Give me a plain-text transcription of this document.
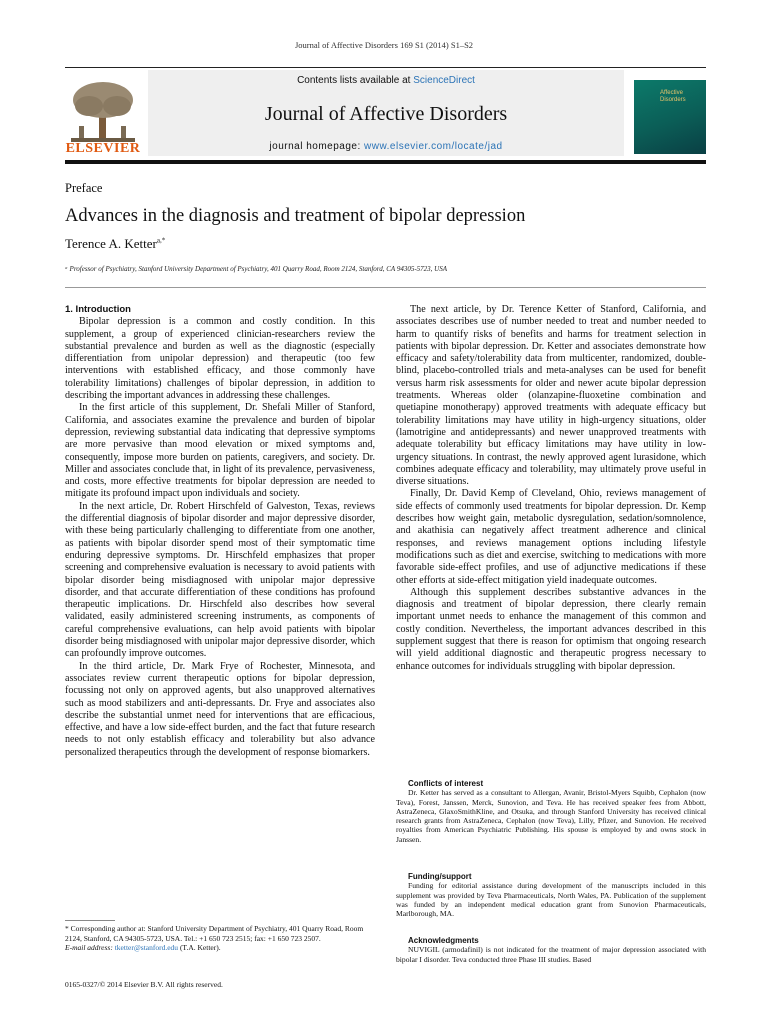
Journal of Affective Disorders 169 S1 (2014) S1–S2
ELSEVIER
Contents lists available at ScienceDirect
Journal of Affective Disorders
journal homepage: www.elsevier.com/locate/jad
Affective
Disorders
Preface
Advances in the diagnosis and treatment of bipolar depression
Terence A. Ketter$^{a,*}$
ᵃ Professor of Psychiatry, Stanford University Department of Psychiatry, 401 Quarry Road, Room 2124, Stanford, CA 94305-5723, USA

1. Introduction

Bipolar depression is a common and costly condition. In this supplement, a group of experienced clinician-researchers review the substantial prevalence and burden as well as the diagnostic (especially differentiation from unipolar depression) and therapeutic (too few interventions with established efficacy, and those commonly have tolerability limitations) challenges of bipolar depression, in addition to describing the important advances in addressing these challenges.

In the first article of this supplement, Dr. Shefali Miller of Stanford, California, and associates examine the prevalence and burden of bipolar depression, reviewing substantial data indicating that depressive symptoms are more pervasive than mood elevation or mixed symptoms and, consequently, impose more burden on patients, caregivers, and society. Dr. Miller and associates conclude that, in light of its prevalence, pervasiveness, and costs, more effective treatments for bipolar depression are needed to mitigate its profound impact upon individuals and society.

In the next article, Dr. Robert Hirschfeld of Galveston, Texas, reviews the differential diagnosis of bipolar disorder and major depressive disorder, with these being particularly challenging to differentiate from one another, as patients with bipolar disorder spend most of their symptomatic time enduring depressive symptoms. Dr. Hirschfeld emphasizes that proper screening and comprehensive evaluation is necessary to avoid patients with bipolar disorder being misdiagnosed with unipolar major depressive disorder, and that accurate differentiation of these conditions has profound therapeutic implications. Dr. Hirschfeld also describes how several validated, easily administered screening instruments, as components of careful comprehensive evaluations, can help avoid patients with bipolar disorder being misdiagnosed with unipolar major depressive disorder, which can profoundly improve outcomes.

In the third article, Dr. Mark Frye of Rochester, Minnesota, and associates review current therapeutic options for bipolar depression, focussing not only on approved agents, but also unapproved alternatives such as mood stabilizers and anti-depressants. Dr. Frye and associates also describe the substantial unmet need for interventions that are efficacious, effective, and have a low side-effect burden, and the fact that future research needs to not only establish efficacy and tolerability but also advance personalized therapeutics through the development of response biomarkers.

The next article, by Dr. Terence Ketter of Stanford, California, and associates describes use of number needed to treat and number needed to harm to quantify risks of benefits and harms for treatment selection in patients with bipolar depression. Dr. Ketter and associates demonstrate how efficacy and safety/tolerability data from multicenter, randomized, double-blind, placebo-controlled trials and meta-analyses can be used for benefit versus harm risk assessments for older and newer acute bipolar depression treatments. Whereas older (olanzapine-fluoxetine combination and quetiapine monotherapy) approved treatments with adequate efficacy but tolerability limitations may have utility in high-urgency situations, older (lamotrigine and antidepressants) and newer unapproved treatments with adequate tolerability but efficacy limitations may have utility in low-urgency situations. In contrast, the newly approved agent lurasidone, which combines adequate efficacy and tolerability, may ultimately prove useful in diverse situations.

Finally, Dr. David Kemp of Cleveland, Ohio, reviews management of side effects of commonly used treatments for bipolar depression. Dr. Kemp describes how weight gain, metabolic dysregulation, sedation/somnolence, and akathisia can negatively affect treatment adherence and clinical responses, and reviews management options including lifestyle modifications such as diet and exercise, switching to medications with more favorable side-effect profiles, and use of adjunctive medications if these other efforts at side-effect mitigation yield inadequate outcomes.

Although this supplement describes substantive advances in the diagnosis and treatment of bipolar depression, there clearly remain important unmet needs to enhance the management of this common and costly condition. Nevertheless, the important advances described in this supplement suggest that there is reason for optimism that ongoing research will yield additional diagnostic and therapeutic progress necessary to enhance outcomes for individuals struggling with bipolar depression.

Conflicts of interest

Dr. Ketter has served as a consultant to Allergan, Avanir, Bristol-Myers Squibb, Cephalon (now Teva), Forest, Janssen, Merck, Sunovion, and Teva. He has received speaker fees from Abbott, AstraZeneca, GlaxoSmithKline, and Otsuka, and through Stanford University has received clinical research grants from AstraZeneca, Cephalon (now Teva), Lilly, Pfizer, and Sunovion. He received royalties from American Psychiatric Publishing. His spouse is employed by and owns stock in Janssen.

Funding/support

Funding for editorial assistance during development of the manuscripts included in this supplement was provided by Teva Pharmaceuticals, North Wales, PA. Publication of the supplement was funded by an independent medical education grant from Sunovion Pharmaceuticals, Marlborough, MA.

Acknowledgments

NUVIGIL (armodafinil) is not indicated for the treatment of major depression associated with bipolar I disorder. Teva conducted three Phase III studies. Based

* Corresponding author at: Stanford University Department of Psychiatry, 401 Quarry Road, Room 2124, Stanford, CA 94305-5723, USA. Tel.: +1 650 723 2515; fax: +1 650 723 2507.
E-mail address: tketter@stanford.edu (T.A. Ketter).
0165-0327/© 2014 Elsevier B.V. All rights reserved.
